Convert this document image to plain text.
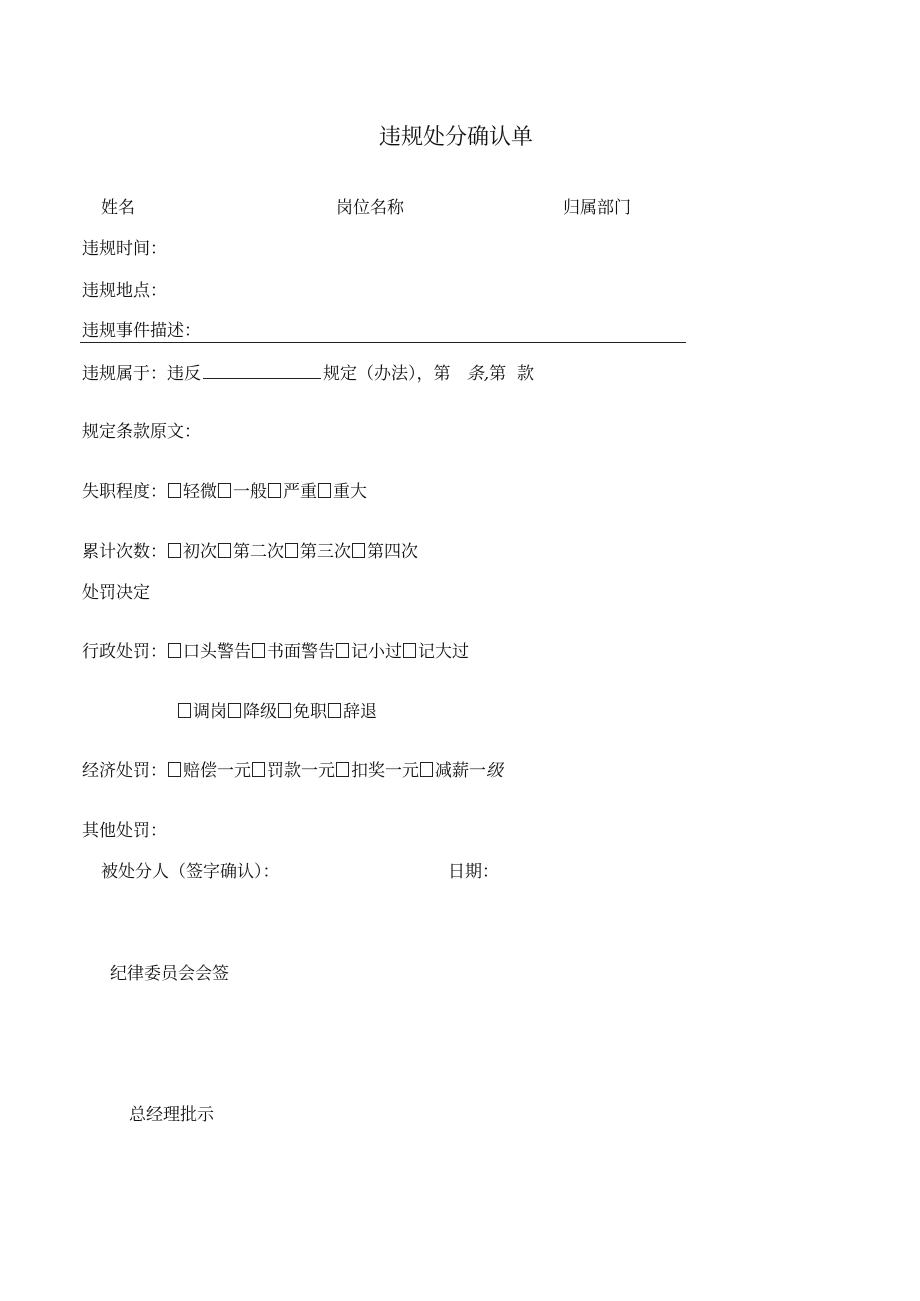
违规处分确认单
姓名	岗位名称	归属部门
违规时间：
违规地点：
违规事件描述：
违规属于：违反	规定（办法），第 条,第 款
规定条款原文：
失职程度： 轻微 一般 严重 重大
累计次数： 初次 第二次 第三次 第四次
处罚决定
行政处罚： 口头警告 书面警告 记小过 记大过
调岗 降级 免职 辞退
经济处罚： 赔偿一元 罚款一元 扣奖一元 减薪一级
其他处罚：
被处分人（签字确认）：	日期：
纪律委员会会签
总经理批示
